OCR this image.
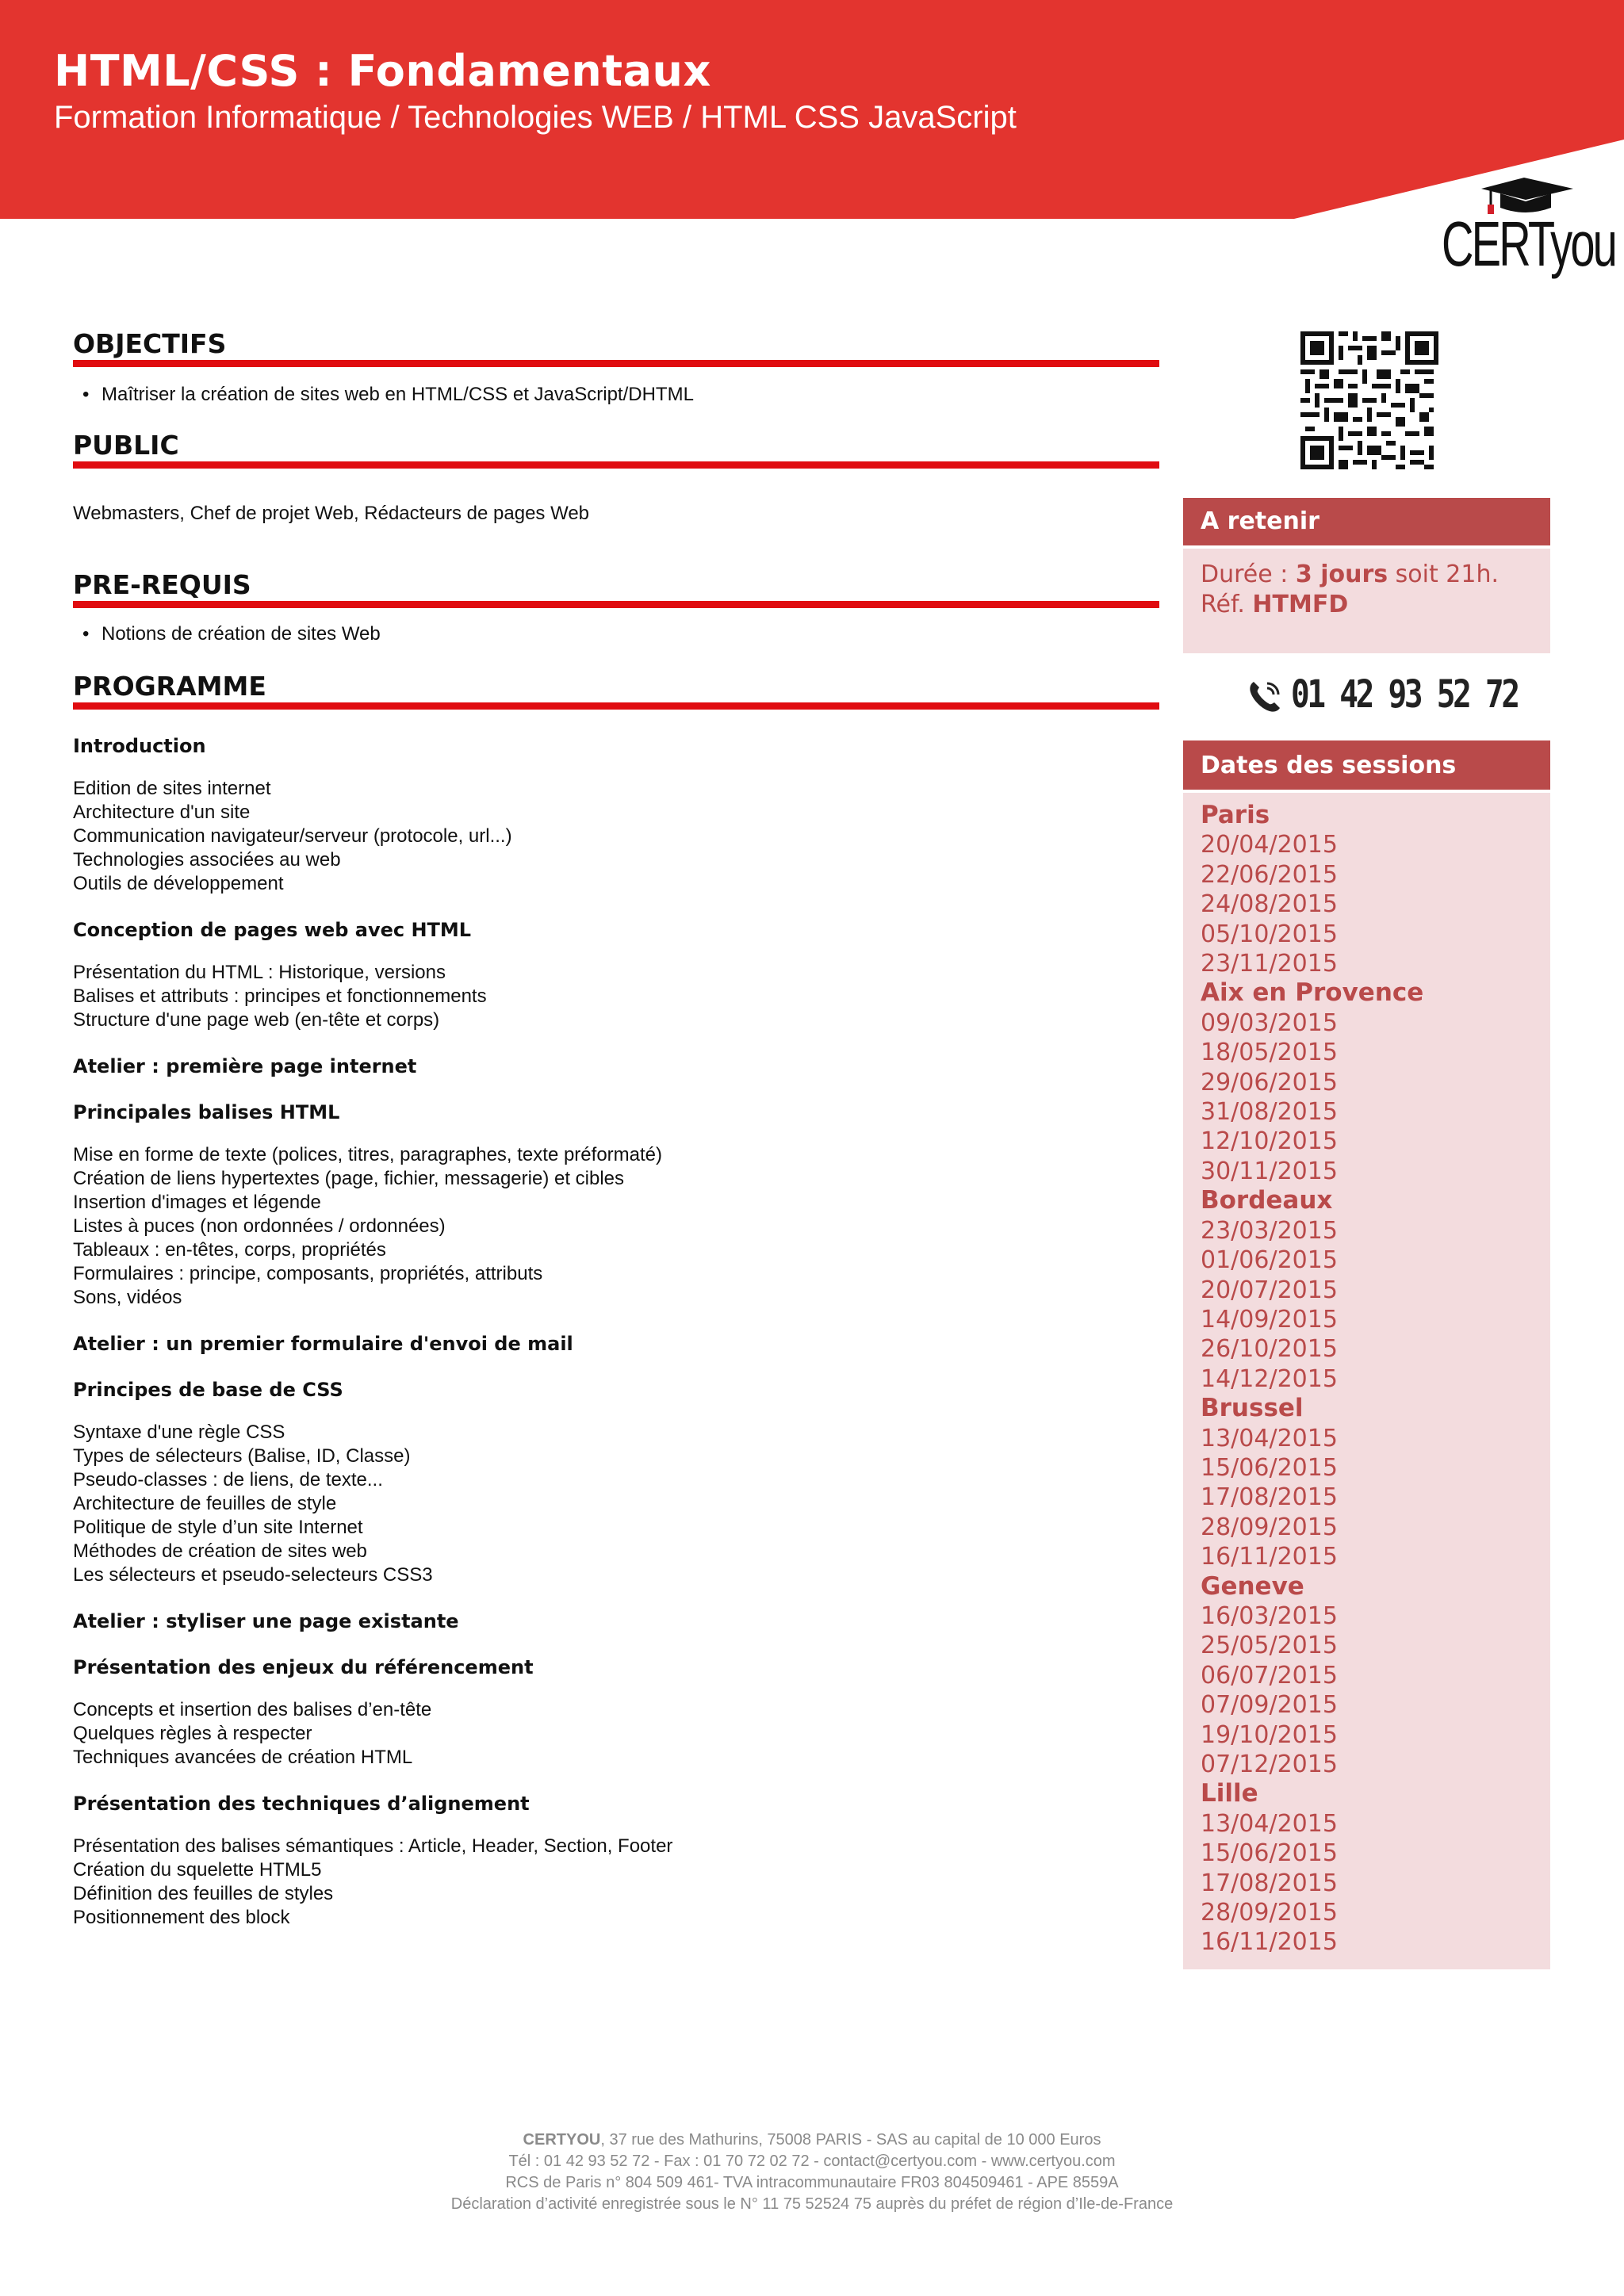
HTML/CSS : Fondamentaux
Formation Informatique / Technologies WEB / HTML CSS JavaScript
CERTyou
OBJECTIFS
• Maîtriser la création de sites web en HTML/CSS et JavaScript/DHTML
PUBLIC
Webmasters, Chef de projet Web, Rédacteurs de pages Web
PRE-REQUIS
• Notions de création de sites Web
PROGRAMME
Introduction
Edition de sites internet
Architecture d'un site
Communication navigateur/serveur (protocole, url...)
Technologies associées au web
Outils de développement
Conception de pages web avec HTML
Présentation du HTML : Historique, versions
Balises et attributs : principes et fonctionnements
Structure d'une page web (en-tête et corps)
Atelier : première page internet
Principales balises HTML
Mise en forme de texte (polices, titres, paragraphes, texte préformaté)
Création de liens hypertextes (page, fichier, messagerie) et cibles
Insertion d'images et légende
Listes à puces (non ordonnées / ordonnées)
Tableaux : en-têtes, corps, propriétés
Formulaires : principe, composants, propriétés, attributs
Sons, vidéos
Atelier : un premier formulaire d'envoi de mail
Principes de base de CSS
Syntaxe d'une règle CSS
Types de sélecteurs (Balise, ID, Classe)
Pseudo-classes : de liens, de texte...
Architecture de feuilles de style
Politique de style d’un site Internet
Méthodes de création de sites web
Les sélecteurs et pseudo-selecteurs CSS3
Atelier : styliser une page existante
Présentation des enjeux du référencement
Concepts et insertion des balises d’en-tête
Quelques règles à respecter
Techniques avancées de création HTML
Présentation des techniques d’alignement
Présentation des balises sémantiques : Article, Header, Section, Footer
Création du squelette HTML5
Définition des feuilles de styles
Positionnement des block
A retenir
Durée : 3 jours soit 21h.
Réf. HTMFD
01 42 93 52 72
Dates des sessions
Paris
20/04/2015
22/06/2015
24/08/2015
05/10/2015
23/11/2015
Aix en Provence
09/03/2015
18/05/2015
29/06/2015
31/08/2015
12/10/2015
30/11/2015
Bordeaux
23/03/2015
01/06/2015
20/07/2015
14/09/2015
26/10/2015
14/12/2015
Brussel
13/04/2015
15/06/2015
17/08/2015
28/09/2015
16/11/2015
Geneve
16/03/2015
25/05/2015
06/07/2015
07/09/2015
19/10/2015
07/12/2015
Lille
13/04/2015
15/06/2015
17/08/2015
28/09/2015
16/11/2015
CERTYOU, 37 rue des Mathurins, 75008 PARIS - SAS au capital de 10 000 Euros
Tél : 01 42 93 52 72 - Fax : 01 70 72 02 72 - contact@certyou.com - www.certyou.com
RCS de Paris n° 804 509 461- TVA intracommunautaire FR03 804509461 - APE 8559A
Déclaration d’activité enregistrée sous le N° 11 75 52524 75 auprès du préfet de région d’Ile-de-France
